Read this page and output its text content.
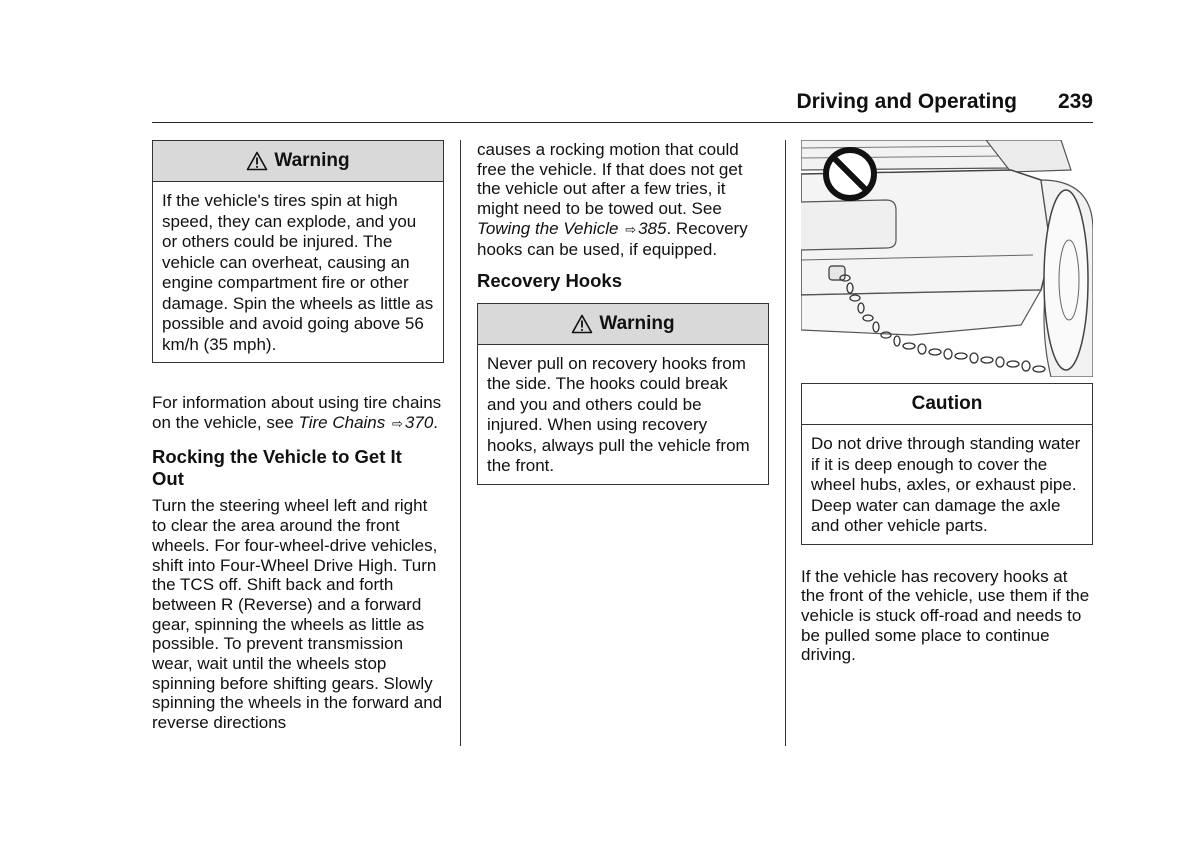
Driving and Operating 239
Warning
If the vehicle's tires spin at high speed, they can explode, and you or others could be injured. The vehicle can overheat, causing an engine compartment fire or other damage. Spin the wheels as little as possible and avoid going above 56 km/h (35 mph).

For information about using tire chains on the vehicle, see Tire Chains ⇨ 370.

Rocking the Vehicle to Get It Out

Turn the steering wheel left and right to clear the area around the front wheels. For four-wheel-drive vehicles, shift into Four-Wheel Drive High. Turn the TCS off. Shift back and forth between R (Reverse) and a forward gear, spinning the wheels as little as possible. To prevent transmission wear, wait until the wheels stop spinning before shifting gears. Slowly spinning the wheels in the forward and reverse directions

causes a rocking motion that could free the vehicle. If that does not get the vehicle out after a few tries, it might need to be towed out. See Towing the Vehicle ⇨ 385. Recovery hooks can be used, if equipped.

Recovery Hooks
Warning
Never pull on recovery hooks from the side. The hooks could break and you and others could be injured. When using recovery hooks, always pull the vehicle from the front.
Caution
Do not drive through standing water if it is deep enough to cover the wheel hubs, axles, or exhaust pipe. Deep water can damage the axle and other vehicle parts.

If the vehicle has recovery hooks at the front of the vehicle, use them if the vehicle is stuck off-road and needs to be pulled some place to continue driving.
